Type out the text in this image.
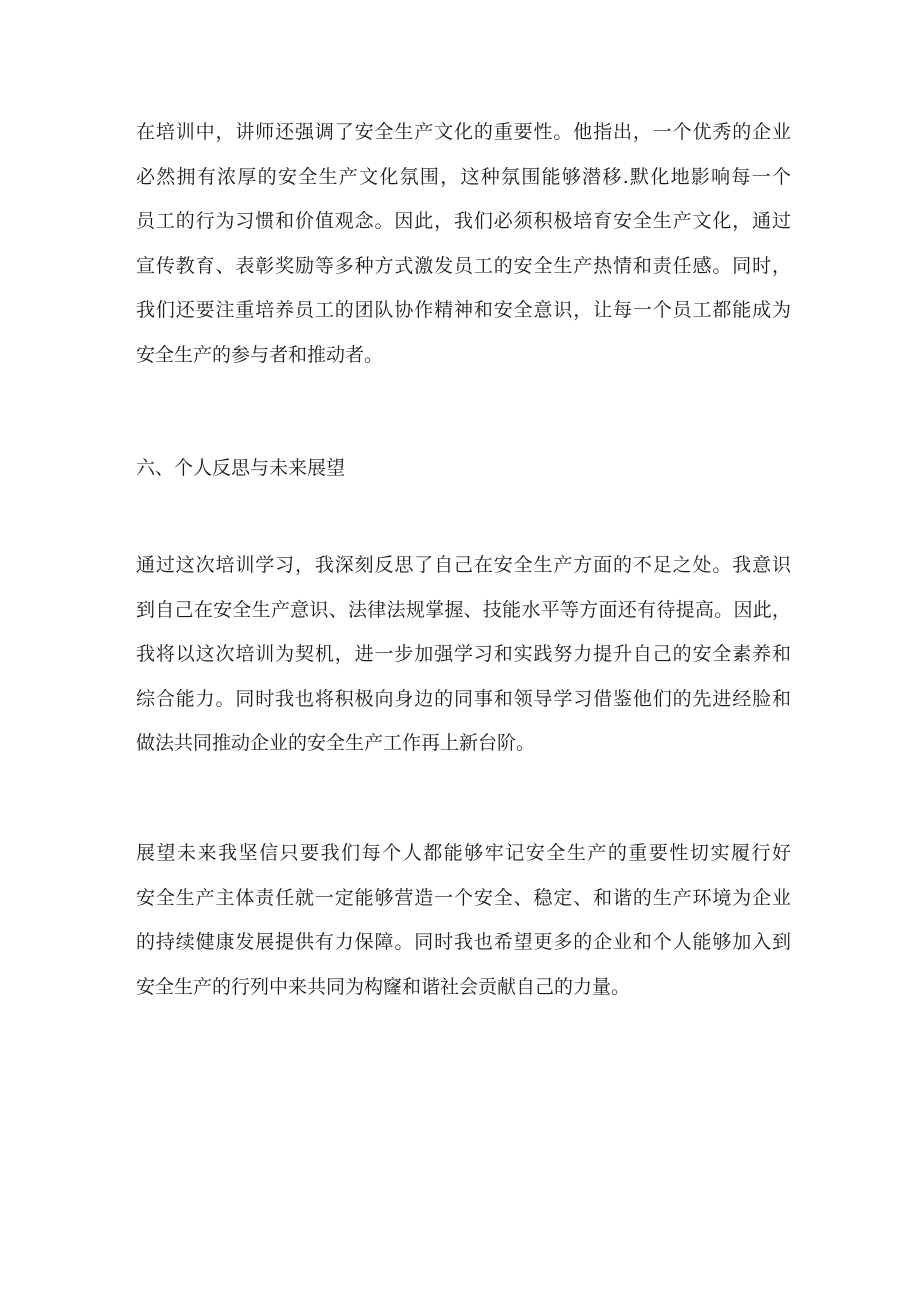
在培训中，讲师还强调了安全生产文化的重要性。他指出，一个优秀的企业
必然拥有浓厚的安全生产文化氛围，这种氛围能够潜移.默化地影响每一个
员工的行为习惯和价值观念。因此，我们必须积极培育安全生产文化，通过
宣传教育、表彰奖励等多种方式激发员工的安全生产热情和责任感。同时，
我们还要注重培养员工的团队协作精神和安全意识，让每一个员工都能成为
安全生产的参与者和推动者。
六、个人反思与未来展望
通过这次培训学习，我深刻反思了自己在安全生产方面的不足之处。我意识
到自己在安全生产意识、法律法规掌握、技能水平等方面还有待提高。因此，
我将以这次培训为契机，进一步加强学习和实践努力提升自己的安全素养和
综合能力。同时我也将积极向身边的同事和领导学习借鉴他们的先进经脸和
做法共同推动企业的安全生产工作再上新台阶。
展望未来我坚信只要我们每个人都能够牢记安全生产的重要性切实履行好
安全生产主体责任就一定能够营造一个安全、稳定、和谐的生产环境为企业
的持续健康发展提供有力保障。同时我也希望更多的企业和个人能够加入到
安全生产的行列中来共同为构窿和谐社会贡献自己的力量。
